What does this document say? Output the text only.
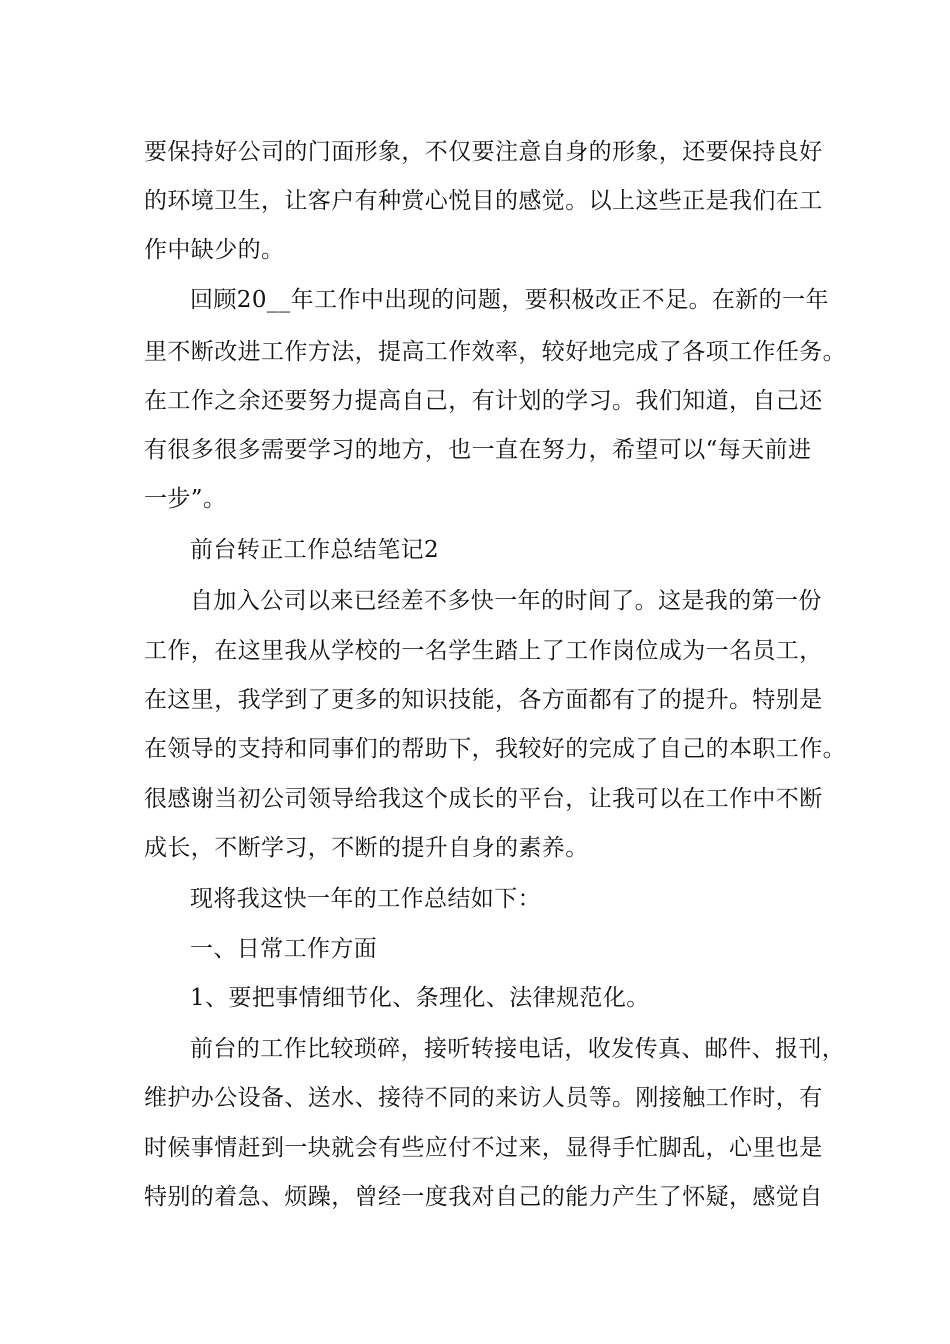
要保持好公司的门面形象，不仅要注意自身的形象，还要保持良好
的环境卫生，让客户有种赏心悦目的感觉。以上这些正是我们在工
作中缺少的。
回顾20__年工作中出现的问题，要积极改正不足。在新的一年
里不断改进工作方法，提高工作效率，较好地完成了各项工作任务。
在工作之余还要努力提高自己，有计划的学习。我们知道，自己还
有很多很多需要学习的地方，也一直在努力，希望可以“每天前进
一步”。
前台转正工作总结笔记2
自加入公司以来已经差不多快一年的时间了。这是我的第一份
工作，在这里我从学校的一名学生踏上了工作岗位成为一名员工，
在这里，我学到了更多的知识技能，各方面都有了的提升。特别是
在领导的支持和同事们的帮助下，我较好的完成了自己的本职工作。
很感谢当初公司领导给我这个成长的平台，让我可以在工作中不断
成长，不断学习，不断的提升自身的素养。
现将我这快一年的工作总结如下：
一、日常工作方面
1、要把事情细节化、条理化、法律规范化。
前台的工作比较琐碎，接听转接电话，收发传真、邮件、报刊，
维护办公设备、送水、接待不同的来访人员等。刚接触工作时，有
时候事情赶到一块就会有些应付不过来，显得手忙脚乱，心里也是
特别的着急、烦躁，曾经一度我对自己的能力产生了怀疑，感觉自
